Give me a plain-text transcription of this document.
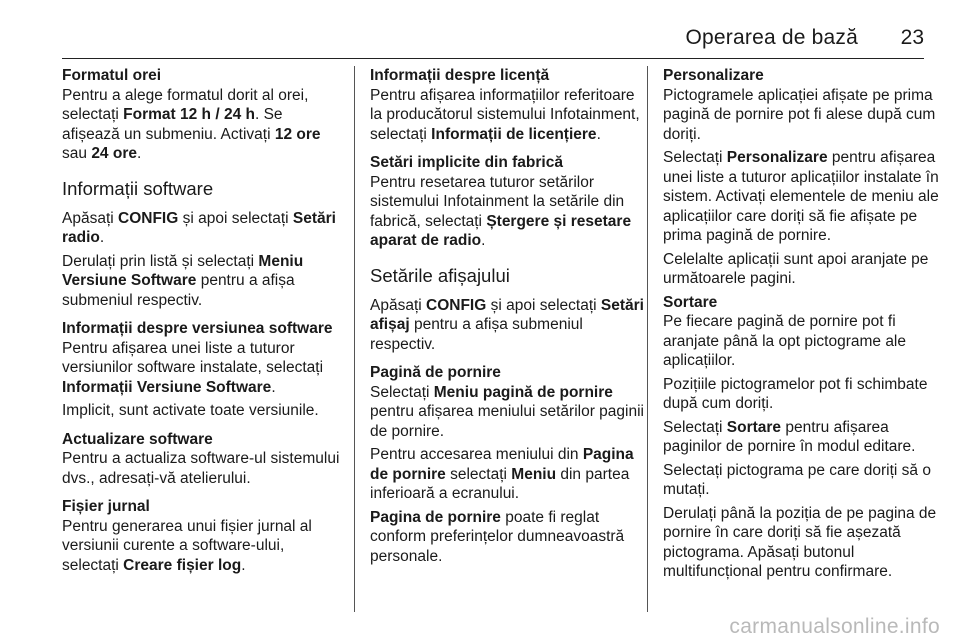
Operarea de bază 23
Formatul orei

Pentru a alege formatul dorit al orei, selectați Format 12 h / 24 h. Se afișează un submeniu. Activați 12 ore sau 24 ore.

Informații software

Apăsați CONFIG și apoi selectați Setări radio.

Derulați prin listă și selectați Meniu Versiune Software pentru a afișa submeniul respectiv.

Informații despre versiunea software

Pentru afișarea unei liste a tuturor versiunilor software instalate, selectați Informații Versiune Software.

Implicit, sunt activate toate versiunile.

Actualizare software

Pentru a actualiza software-ul sistemului dvs., adresați-vă atelierului.

Fișier jurnal

Pentru generarea unui fișier jurnal al versiunii curente a software-ului, selectați Creare fișier log.

Informații despre licență

Pentru afișarea informațiilor referitoare la producătorul sistemului Infotainment, selectați Informații de licențiere.

Setări implicite din fabrică

Pentru resetarea tuturor setărilor sistemului Infotainment la setările din fabrică, selectați Ștergere și resetare aparat de radio.

Setările afișajului

Apăsați CONFIG și apoi selectați Setări afișaj pentru a afișa submeniul respectiv.

Pagină de pornire

Selectați Meniu pagină de pornire pentru afișarea meniului setărilor paginii de pornire.

Pentru accesarea meniului din Pagina de pornire selectați Meniu din partea inferioară a ecranului.

Pagina de pornire poate fi reglat conform preferințelor dumneavoastră personale.

Personalizare

Pictogramele aplicației afișate pe prima pagină de pornire pot fi alese după cum doriți.

Selectați Personalizare pentru afișarea unei liste a tuturor aplicațiilor instalate în sistem. Activați elementele de meniu ale aplicațiilor care doriți să fie afișate pe prima pagină de pornire.

Celelalte aplicații sunt apoi aranjate pe următoarele pagini.

Sortare

Pe fiecare pagină de pornire pot fi aranjate până la opt pictograme ale aplicațiilor.

Pozițiile pictogramelor pot fi schimbate după cum doriți.

Selectați Sortare pentru afișarea paginilor de pornire în modul editare.

Selectați pictograma pe care doriți să o mutați.

Derulați până la poziția de pe pagina de pornire în care doriți să fie așezată pictograma. Apăsați butonul multifuncțional pentru confirmare.

carmanualsonline.info
